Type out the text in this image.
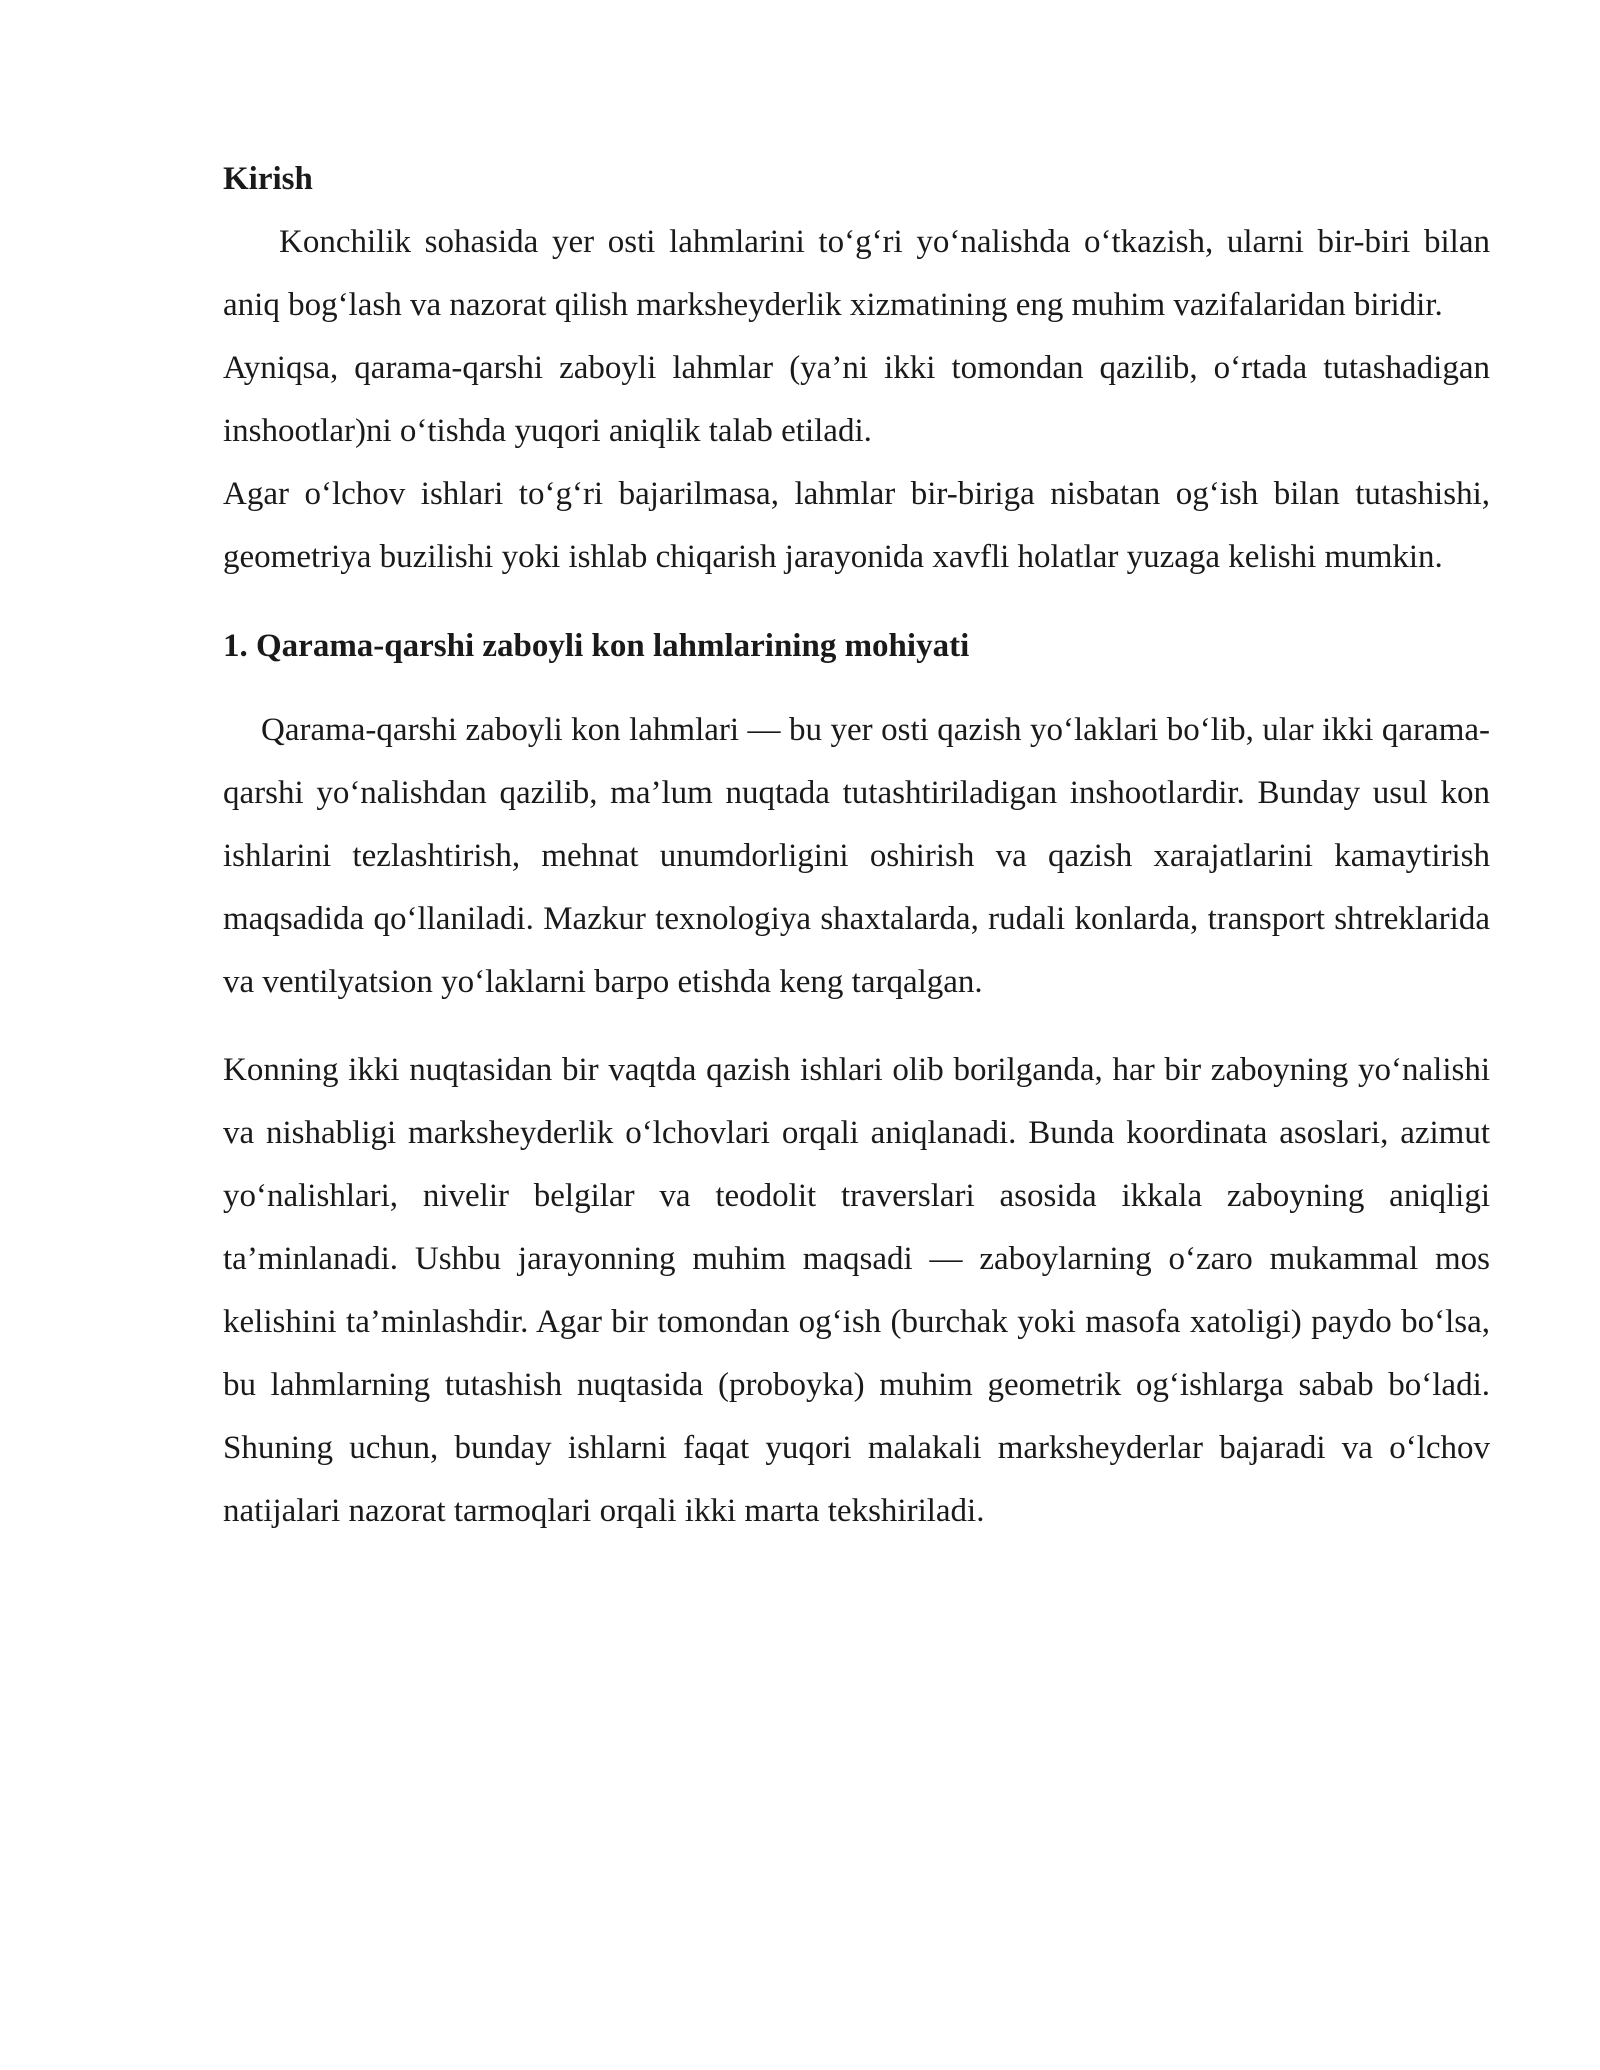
Kirish

Konchilik sohasida yer osti lahmlarini to‘g‘ri yo‘nalishda o‘tkazish, ularni bir-biri bilan aniq bog‘lash va nazorat qilish marksheyderlik xizmatining eng muhim vazifalaridan biridir.

Ayniqsa, qarama-qarshi zaboyli lahmlar (ya’ni ikki tomondan qazilib, o‘rtada tutashadigan inshootlar)ni o‘tishda yuqori aniqlik talab etiladi.

Agar o‘lchov ishlari to‘g‘ri bajarilmasa, lahmlar bir-biriga nisbatan og‘ish bilan tutashishi, geometriya buzilishi yoki ishlab chiqarish jarayonida xavfli holatlar yuzaga kelishi mumkin.

1. Qarama-qarshi zaboyli kon lahmlarining mohiyati

Qarama-qarshi zaboyli kon lahmlari — bu yer osti qazish yo‘laklari bo‘lib, ular ikki qarama-qarshi yo‘nalishdan qazilib, ma’lum nuqtada tutashtiriladigan inshootlardir. Bunday usul kon ishlarini tezlashtirish, mehnat unumdorligini oshirish va qazish xarajatlarini kamaytirish maqsadida qo‘llaniladi. Mazkur texnologiya shaxtalarda, rudali konlarda, transport shtreklarida va ventilyatsion yo‘laklarni barpo etishda keng tarqalgan.

Konning ikki nuqtasidan bir vaqtda qazish ishlari olib borilganda, har bir zaboyning yo‘nalishi va nishabligi marksheyderlik o‘lchovlari orqali aniqlanadi. Bunda koordinata asoslari, azimut yo‘nalishlari, nivelir belgilar va teodolit traverslari asosida ikkala zaboyning aniqligi ta’minlanadi. Ushbu jarayonning muhim maqsadi — zaboylarning o‘zaro mukammal mos kelishini ta’minlashdir. Agar bir tomondan og‘ish (burchak yoki masofa xatoligi) paydo bo‘lsa, bu lahmlarning tutashish nuqtasida (proboyka) muhim geometrik og‘ishlarga sabab bo‘ladi. Shuning uchun, bunday ishlarni faqat yuqori malakali marksheyderlar bajaradi va o‘lchov natijalari nazorat tarmoqlari orqali ikki marta tekshiriladi.
